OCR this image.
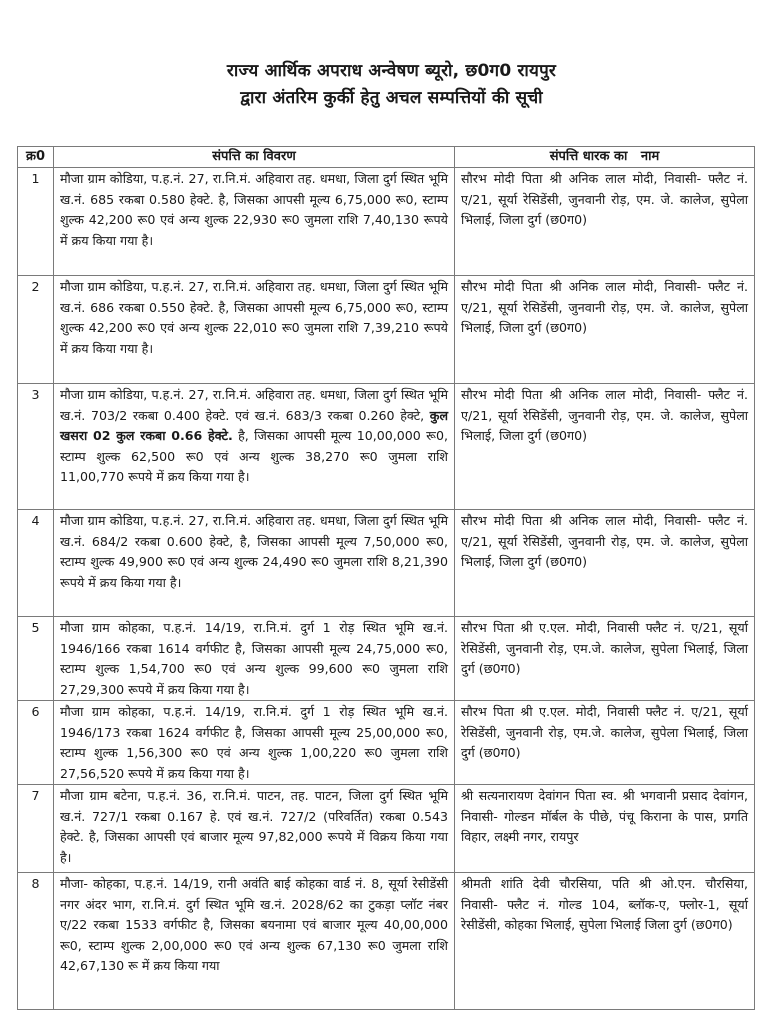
राज्य आर्थिक अपराध अन्वेषण ब्यूरो, छ0ग0 रायपुर
द्वारा अंतरिम कुर्की हेतु अचल सम्पत्तियों की सूची
क्र0	संपत्ति का विवरण	संपत्ति धारक का   नाम
1	मौजा ग्राम कोडिया, प.ह.नं. 27, रा.नि.मं. अहिवारा तह. धमधा, जिला दुर्ग स्थित भूमि ख.नं. 685 रकबा 0.580 हेक्टे. है, जिसका आपसी मूल्य 6,75,000 रू0, स्टाम्प शुल्क 42,200 रू0 एवं अन्य शुल्क 22,930 रू0 जुमला राशि 7,40,130 रूपये में क्रय किया गया है।	सौरभ मोदी पिता श्री अनिक लाल मोदी, निवासी- फ्लैट नं. ए/21, सूर्या रेसिडेंसी, जुनवानी रोड़, एम. जे. कालेज, सुपेला भिलाई, जिला दुर्ग (छ0ग0)
2	मौजा ग्राम कोडिया, प.ह.नं. 27, रा.नि.मं. अहिवारा तह. धमधा, जिला दुर्ग स्थित भूमि ख.नं. 686 रकबा 0.550 हेक्टे. है, जिसका आपसी मूल्य 6,75,000 रू0, स्टाम्प शुल्क 42,200 रू0 एवं अन्य शुल्क 22,010 रू0 जुमला राशि 7,39,210 रूपये में क्रय किया गया है।	सौरभ मोदी पिता श्री अनिक लाल मोदी, निवासी- फ्लैट नं. ए/21, सूर्या रेसिडेंसी, जुनवानी रोड़, एम. जे. कालेज, सुपेला भिलाई, जिला दुर्ग (छ0ग0)
3	मौजा ग्राम कोडिया, प.ह.नं. 27, रा.नि.मं. अहिवारा तह. धमधा, जिला दुर्ग स्थित भूमि ख.नं. 703/2 रकबा 0.400 हेक्टे. एवं ख.नं. 683/3 रकबा 0.260 हेक्टे, कुल खसरा 02 कुल रकबा 0.66 हेक्टे. है, जिसका आपसी मूल्य 10,00,000 रू0, स्टाम्प शुल्क 62,500 रू0 एवं अन्य शुल्क 38,270 रू0 जुमला राशि 11,00,770 रूपये में क्रय किया गया है।	सौरभ मोदी पिता श्री अनिक लाल मोदी, निवासी- फ्लैट नं. ए/21, सूर्या रेसिडेंसी, जुनवानी रोड़, एम. जे. कालेज, सुपेला भिलाई, जिला दुर्ग (छ0ग0)
4	मौजा ग्राम कोडिया, प.ह.नं. 27, रा.नि.मं. अहिवारा तह. धमधा, जिला दुर्ग स्थित भूमि ख.नं. 684/2 रकबा 0.600 हेक्टे, है, जिसका आपसी मूल्य 7,50,000 रू0, स्टाम्प शुल्क 49,900 रू0 एवं अन्य शुल्क 24,490 रू0 जुमला राशि 8,21,390 रूपये में क्रय किया गया है।	सौरभ मोदी पिता श्री अनिक लाल मोदी, निवासी- फ्लैट नं. ए/21, सूर्या रेसिडेंसी, जुनवानी रोड़, एम. जे. कालेज, सुपेला भिलाई, जिला दुर्ग (छ0ग0)
5	मौजा ग्राम कोहका, प.ह.नं. 14/19, रा.नि.मं. दुर्ग 1 रोड़ स्थित भूमि ख.नं. 1946/166 रकबा 1614 वर्गफीट है, जिसका आपसी मूल्य 24,75,000 रू0, स्टाम्प शुल्क 1,54,700 रू0 एवं अन्य शुल्क 99,600 रू0 जुमला राशि 27,29,300 रूपये में क्रय किया गया है।	सौरभ पिता श्री ए.एल. मोदी, निवासी फ्लैट नं. ए/21, सूर्या रेसिडेंसी, जुनवानी रोड़, एम.जे. कालेज, सुपेला भिलाई, जिला दुर्ग (छ0ग0)
6	मौजा ग्राम कोहका, प.ह.नं. 14/19, रा.नि.मं. दुर्ग 1 रोड़ स्थित भूमि ख.नं. 1946/173 रकबा 1624 वर्गफीट है, जिसका आपसी मूल्य 25,00,000 रू0, स्टाम्प शुल्क 1,56,300 रू0 एवं अन्य शुल्क 1,00,220 रू0 जुमला राशि 27,56,520 रूपये में क्रय किया गया है।	सौरभ पिता श्री ए.एल. मोदी, निवासी फ्लैट नं. ए/21, सूर्या रेसिडेंसी, जुनवानी रोड़, एम.जे. कालेज, सुपेला भिलाई, जिला दुर्ग (छ0ग0)
7	मौजा ग्राम बटेना, प.ह.नं. 36, रा.नि.मं. पाटन, तह. पाटन, जिला दुर्ग स्थित भूमि ख.नं. 727/1 रकबा 0.167 हे. एवं ख.नं. 727/2 (परिवर्तित) रकबा 0.543 हेक्टे. है, जिसका आपसी एवं बाजार मूल्य 97,82,000 रूपये में विक्रय किया गया है।	श्री सत्यनारायण देवांगन पिता स्व. श्री भगवानी प्रसाद देवांगन, निवासी- गोल्डन मॉर्बल के पीछे, पंचू किराना के पास, प्रगति विहार, लक्ष्मी नगर, रायपुर
8	मौजा- कोहका, प.ह.नं. 14/19, रानी अवंति बाई कोहका वार्ड नं. 8, सूर्या रेसीडेंसी नगर अंदर भाग, रा.नि.मं. दुर्ग स्थित भूमि ख.नं. 2028/62 का टुकड़ा प्लॉट नंबर ए/22 रकबा 1533 वर्गफीट है, जिसका बयनामा एवं बाजार मूल्य 40,00,000 रू0, स्टाम्प शुल्क 2,00,000 रू0 एवं अन्य शुल्क 67,130 रू0 जुमला राशि 42,67,130 रू में क्रय किया गया	श्रीमती शांति देवी चौरसिया, पति श्री ओ.एन. चौरसिया, निवासी- फ्लैट नं. गोल्ड 104, ब्लॉक-ए, फ्लोर-1, सूर्या रेसीडेंसी, कोहका भिलाई, सुपेला भिलाई जिला दुर्ग (छ0ग0)
